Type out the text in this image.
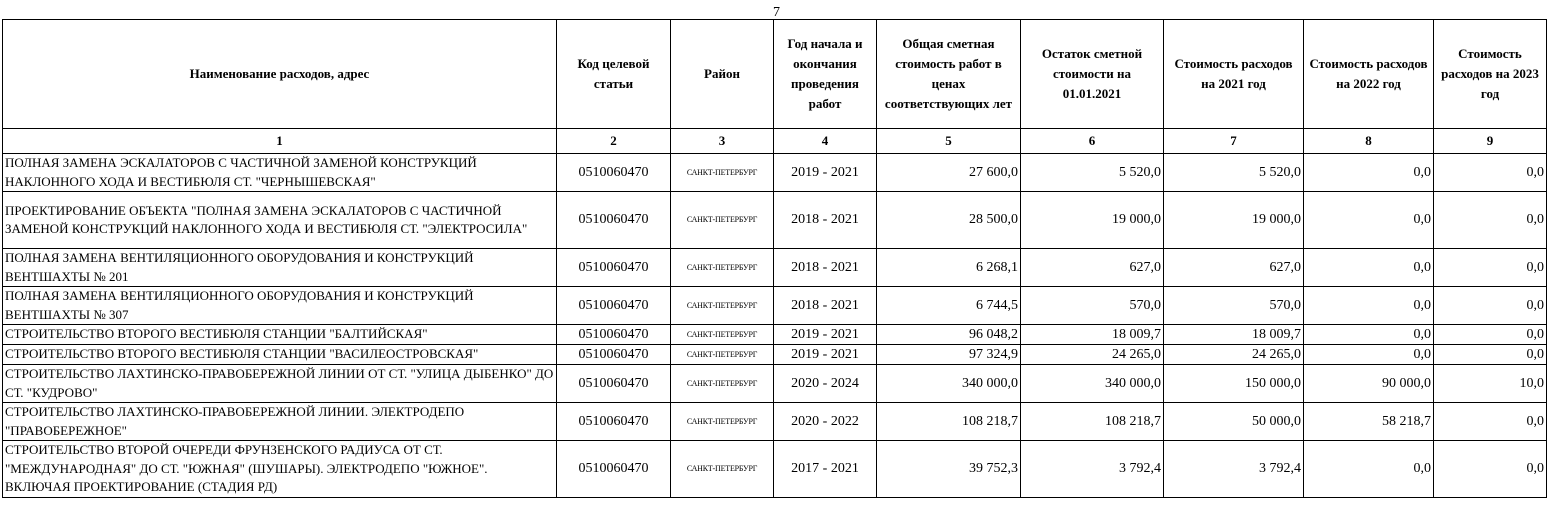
7
Наименование расходов, адрес	Код целевой статьи	Район	Год начала и окончания проведения работ	Общая сметная стоимость работ в ценах соответствующих лет	Остаток сметной стоимости на 01.01.2021	Стоимость расходов на 2021 год	Стоимость расходов на 2022 год	Стоимость расходов на 2023 год
1	2	3	4	5	6	7	8	9
ПОЛНАЯ ЗАМЕНА ЭСКАЛАТОРОВ С ЧАСТИЧНОЙ ЗАМЕНОЙ КОНСТРУКЦИЙ НАКЛОННОГО ХОДА И ВЕСТИБЮЛЯ СТ. "ЧЕРНЫШЕВСКАЯ"	0510060470	САНКТ-ПЕТЕРБУРГ	2019 - 2021	27 600,0	5 520,0	5 520,0	0,0	0,0
ПРОЕКТИРОВАНИЕ ОБЪЕКТА "ПОЛНАЯ ЗАМЕНА ЭСКАЛАТОРОВ С ЧАСТИЧНОЙ ЗАМЕНОЙ КОНСТРУКЦИЙ НАКЛОННОГО ХОДА И ВЕСТИБЮЛЯ СТ. "ЭЛЕКТРОСИЛА"	0510060470	САНКТ-ПЕТЕРБУРГ	2018 - 2021	28 500,0	19 000,0	19 000,0	0,0	0,0
ПОЛНАЯ ЗАМЕНА ВЕНТИЛЯЦИОННОГО ОБОРУДОВАНИЯ И КОНСТРУКЦИЙ ВЕНТШАХТЫ № 201	0510060470	САНКТ-ПЕТЕРБУРГ	2018 - 2021	6 268,1	627,0	627,0	0,0	0,0
ПОЛНАЯ ЗАМЕНА ВЕНТИЛЯЦИОННОГО ОБОРУДОВАНИЯ И КОНСТРУКЦИЙ ВЕНТШАХТЫ № 307	0510060470	САНКТ-ПЕТЕРБУРГ	2018 - 2021	6 744,5	570,0	570,0	0,0	0,0
СТРОИТЕЛЬСТВО ВТОРОГО ВЕСТИБЮЛЯ СТАНЦИИ "БАЛТИЙСКАЯ"	0510060470	САНКТ-ПЕТЕРБУРГ	2019 - 2021	96 048,2	18 009,7	18 009,7	0,0	0,0
СТРОИТЕЛЬСТВО ВТОРОГО ВЕСТИБЮЛЯ СТАНЦИИ "ВАСИЛЕОСТРОВСКАЯ"	0510060470	САНКТ-ПЕТЕРБУРГ	2019 - 2021	97 324,9	24 265,0	24 265,0	0,0	0,0
СТРОИТЕЛЬСТВО ЛАХТИНСКО-ПРАВОБЕРЕЖНОЙ ЛИНИИ ОТ СТ. "УЛИЦА ДЫБЕНКО" ДО СТ. "КУДРОВО"	0510060470	САНКТ-ПЕТЕРБУРГ	2020 - 2024	340 000,0	340 000,0	150 000,0	90 000,0	10,0
СТРОИТЕЛЬСТВО ЛАХТИНСКО-ПРАВОБЕРЕЖНОЙ ЛИНИИ. ЭЛЕКТРОДЕПО "ПРАВОБЕРЕЖНОЕ"	0510060470	САНКТ-ПЕТЕРБУРГ	2020 - 2022	108 218,7	108 218,7	50 000,0	58 218,7	0,0
СТРОИТЕЛЬСТВО ВТОРОЙ ОЧЕРЕДИ ФРУНЗЕНСКОГО РАДИУСА ОТ СТ. "МЕЖДУНАРОДНАЯ" ДО СТ. "ЮЖНАЯ" (ШУШАРЫ). ЭЛЕКТРОДЕПО "ЮЖНОЕ". ВКЛЮЧАЯ ПРОЕКТИРОВАНИЕ (СТАДИЯ РД)	0510060470	САНКТ-ПЕТЕРБУРГ	2017 - 2021	39 752,3	3 792,4	3 792,4	0,0	0,0
